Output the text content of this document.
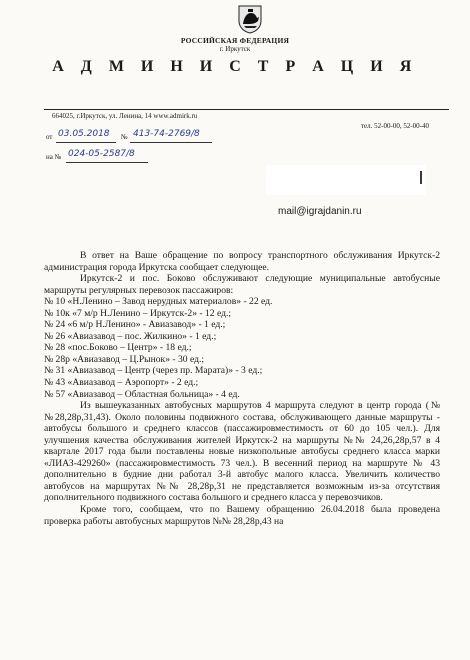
РОССИЙСКАЯ ФЕДЕРАЦИЯ
г. Иркутск
А Д М И Н И С Т Р А Ц И Я
664025, г.Иркутск, ул. Ленина, 14 www.admirk.ru
тел. 52-00-00, 52-00-40
от 03.05.2018 № 413-74-2769/8
на № 024-05-2587/8
mail@igrajdanin.ru

В ответ на Ваше обращение по вопросу транспортного обслуживания Иркутск-2 администрация города Иркутска сообщает следующее.

Иркутск-2 и пос. Боково обслуживают следующие муниципальные автобусные маршруты регулярных перевозок пассажиров:

№ 10 «Н.Ленино – Завод нерудных материалов» - 22 ед.

№ 10к «7 м/р Н.Ленино – Иркутск-2» - 12 ед.;

№ 24 «6 м/р Н.Ленино» - Авиазавод» - 1 ед.;

№ 26 «Авиазавод – пос. Жилкино» - 1 ед.;

№ 28 «пос.Боково – Центр» - 18 ед.;

№ 28р «Авиазавод – Ц.Рынок» - 30 ед.;

№ 31 «Авиазавод – Центр (через пр. Марата)» - 3 ед.;

№ 43 «Авиазавод – Аэропорт» - 2 ед.;

№ 57 «Авиазавод – Областная больница» - 4 ед.

Из вышеуказанных автобусных маршрутов 4 маршрута следуют в центр города (№№28,28р,31,43). Около половины подвижного состава, обслуживающего данные маршруты - автобусы большого и среднего классов (пассажировместимость от 60 до 105 чел.). Для улучшения качества обслуживания жителей Иркутск-2 на маршруты №№ 24,26,28р,57 в 4 квартале 2017 года были поставлены новые низкопольные автобусы среднего класса марки «ЛИАЗ-429260» (пассажировместимость 73 чел.). В весенний период на маршруте № 43 дополнительно в будние дни работал 3-й автобус малого класса. Увеличить количество автобусов на маршрутах №№ 28,28р,31 не представляется возможным из-за отсутствия дополнительного подвижного состава большого и среднего класса у перевозчиков.

Кроме того, сообщаем, что по Вашему обращению 26.04.2018 была проведена проверка работы автобусных маршрутов №№ 28,28р,43 на
